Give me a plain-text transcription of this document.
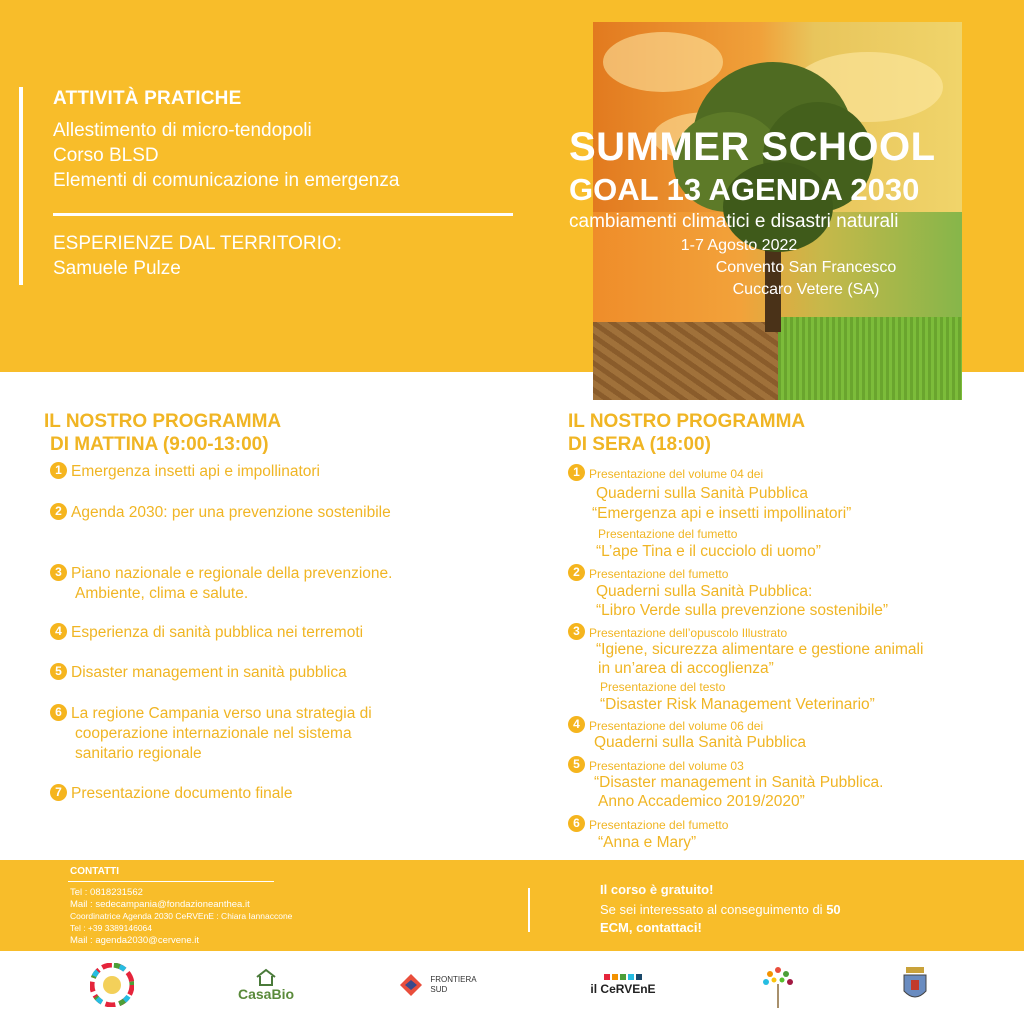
ATTIVITÀ PRATICHE
Allestimento di micro-tendopoli
Corso BLSD
Elementi di comunicazione in emergenza
ESPERIENZE DAL TERRITORIO:
Samuele Pulze
SUMMER SCHOOL
GOAL 13 AGENDA 2030
cambiamenti climatici e disastri naturali
1-7 Agosto 2022
Convento San Francesco
Cuccaro Vetere (SA)
IL NOSTRO PROGRAMMA
DI MATTINA (9:00-13:00)
1 Emergenza insetti api e impollinatori
2 Agenda 2030: per una prevenzione sostenibile
3 Piano nazionale e regionale della prevenzione.
Ambiente, clima e salute.
4 Esperienza di sanità pubblica nei terremoti
5 Disaster management in sanità pubblica
6 La regione Campania verso una strategia di
cooperazione internazionale nel sistema
sanitario regionale
7 Presentazione documento finale
IL NOSTRO PROGRAMMA
DI SERA (18:00)
1 Presentazione del volume 04 dei
Quaderni sulla Sanità Pubblica
“Emergenza api e insetti impollinatori”
Presentazione del fumetto
“L’ape Tina e il cucciolo di uomo”
2 Presentazione del fumetto
Quaderni sulla Sanità Pubblica:
“Libro Verde sulla prevenzione sostenibile”
3 Presentazione dell’opuscolo Illustrato
“Igiene, sicurezza alimentare e gestione animali
in un’area di accoglienza”
Presentazione del testo
“Disaster Risk Management Veterinario”
4 Presentazione del volume 06 dei
Quaderni sulla Sanità Pubblica
5 Presentazione del volume 03
“Disaster management in Sanità Pubblica.
Anno Accademico 2019/2020”
6 Presentazione del fumetto
“Anna e Mary”
CONTATTI
Tel : 0818231562
Mail : sedecampania@fondazioneanthea.it
Coordinatrice Agenda 2030 CeRVEnE : Chiara Iannaccone
Tel : +39 3389146064
Mail : agenda2030@cervene.it
Il corso è gratuito!
Se sei interessato al conseguimento di 50
ECM, contattaci!
CasaBio
FRONTIERA
SUD	il CeRVEnE
